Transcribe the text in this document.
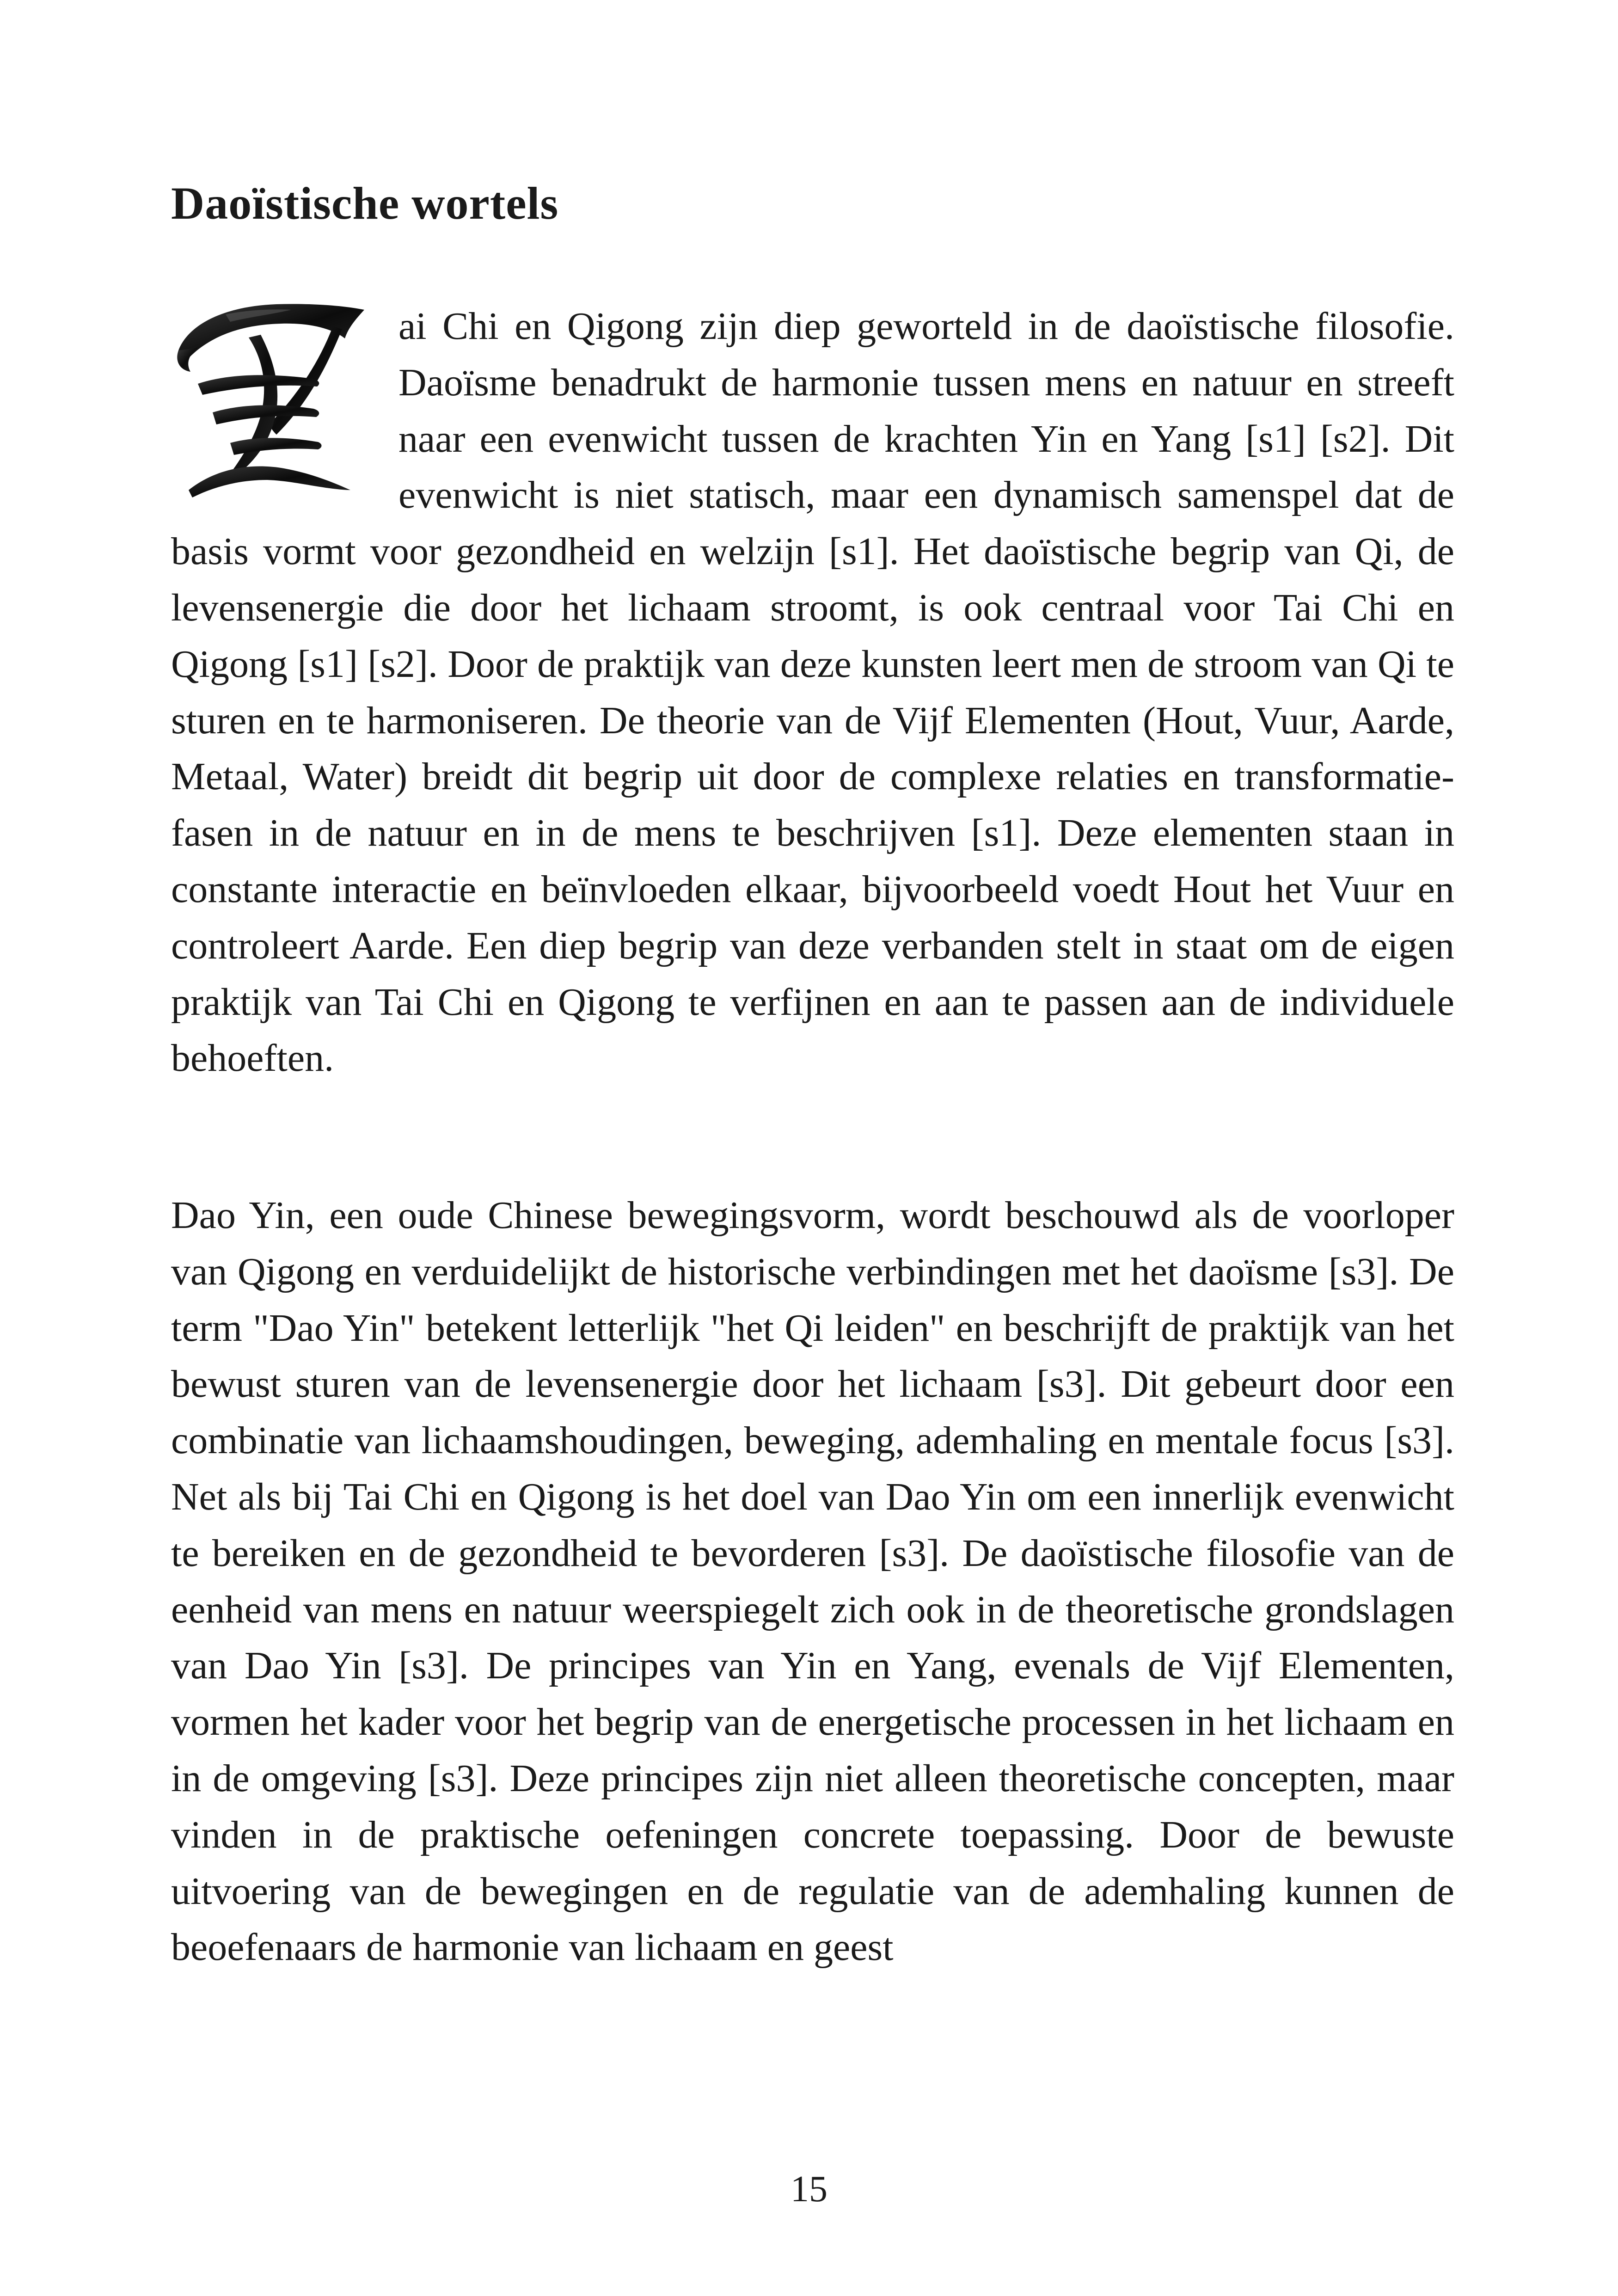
Daoïstische wortels

ai Chi en Qigong zijn diep geworteld in de daoïstische filosofie. Daoïsme benadrukt de harmonie tussen mens en natuur en streeft naar een evenwicht tussen de krachten Yin en Yang [s1] [s2]. Dit evenwicht is niet statisch, maar een dynamisch samenspel dat de basis vormt voor gezondheid en welzijn [s1]. Het daoïstische begrip van Qi, de levensenergie die door het lichaam stroomt, is ook centraal voor Tai Chi en Qigong [s1] [s2]. Door de praktijk van deze kunsten leert men de stroom van Qi te sturen en te harmoniseren. De theorie van de Vijf Elementen (Hout, Vuur, Aarde, Metaal, Water) breidt dit begrip uit door de complexe relaties en transformatie-fasen in de natuur en in de mens te beschrijven [s1]. Deze elementen staan in constante interactie en beïnvloeden elkaar, bijvoorbeeld voedt Hout het Vuur en controleert Aarde. Een diep begrip van deze verbanden stelt in staat om de eigen praktijk van Tai Chi en Qigong te verfijnen en aan te passen aan de individuele behoeften.

Dao Yin, een oude Chinese bewegingsvorm, wordt beschouwd als de voorloper van Qigong en verduidelijkt de historische verbindingen met het daoïsme [s3]. De term "Dao Yin" betekent letterlijk "het Qi leiden" en beschrijft de praktijk van het bewust sturen van de levensenergie door het lichaam [s3]. Dit gebeurt door een combinatie van lichaamshoudingen, beweging, ademhaling en mentale focus [s3]. Net als bij Tai Chi en Qigong is het doel van Dao Yin om een innerlijk evenwicht te bereiken en de gezondheid te bevorderen [s3]. De daoïstische filosofie van de eenheid van mens en natuur weerspiegelt zich ook in de theoretische grondslagen van Dao Yin [s3]. De principes van Yin en Yang, evenals de Vijf Elementen, vormen het kader voor het begrip van de energetische processen in het lichaam en in de omgeving [s3]. Deze principes zijn niet alleen theoretische concepten, maar vinden in de praktische oefeningen concrete toepassing. Door de bewuste uitvoering van de bewegingen en de regulatie van de ademhaling kunnen de beoefenaars de harmonie van lichaam en geest

15
